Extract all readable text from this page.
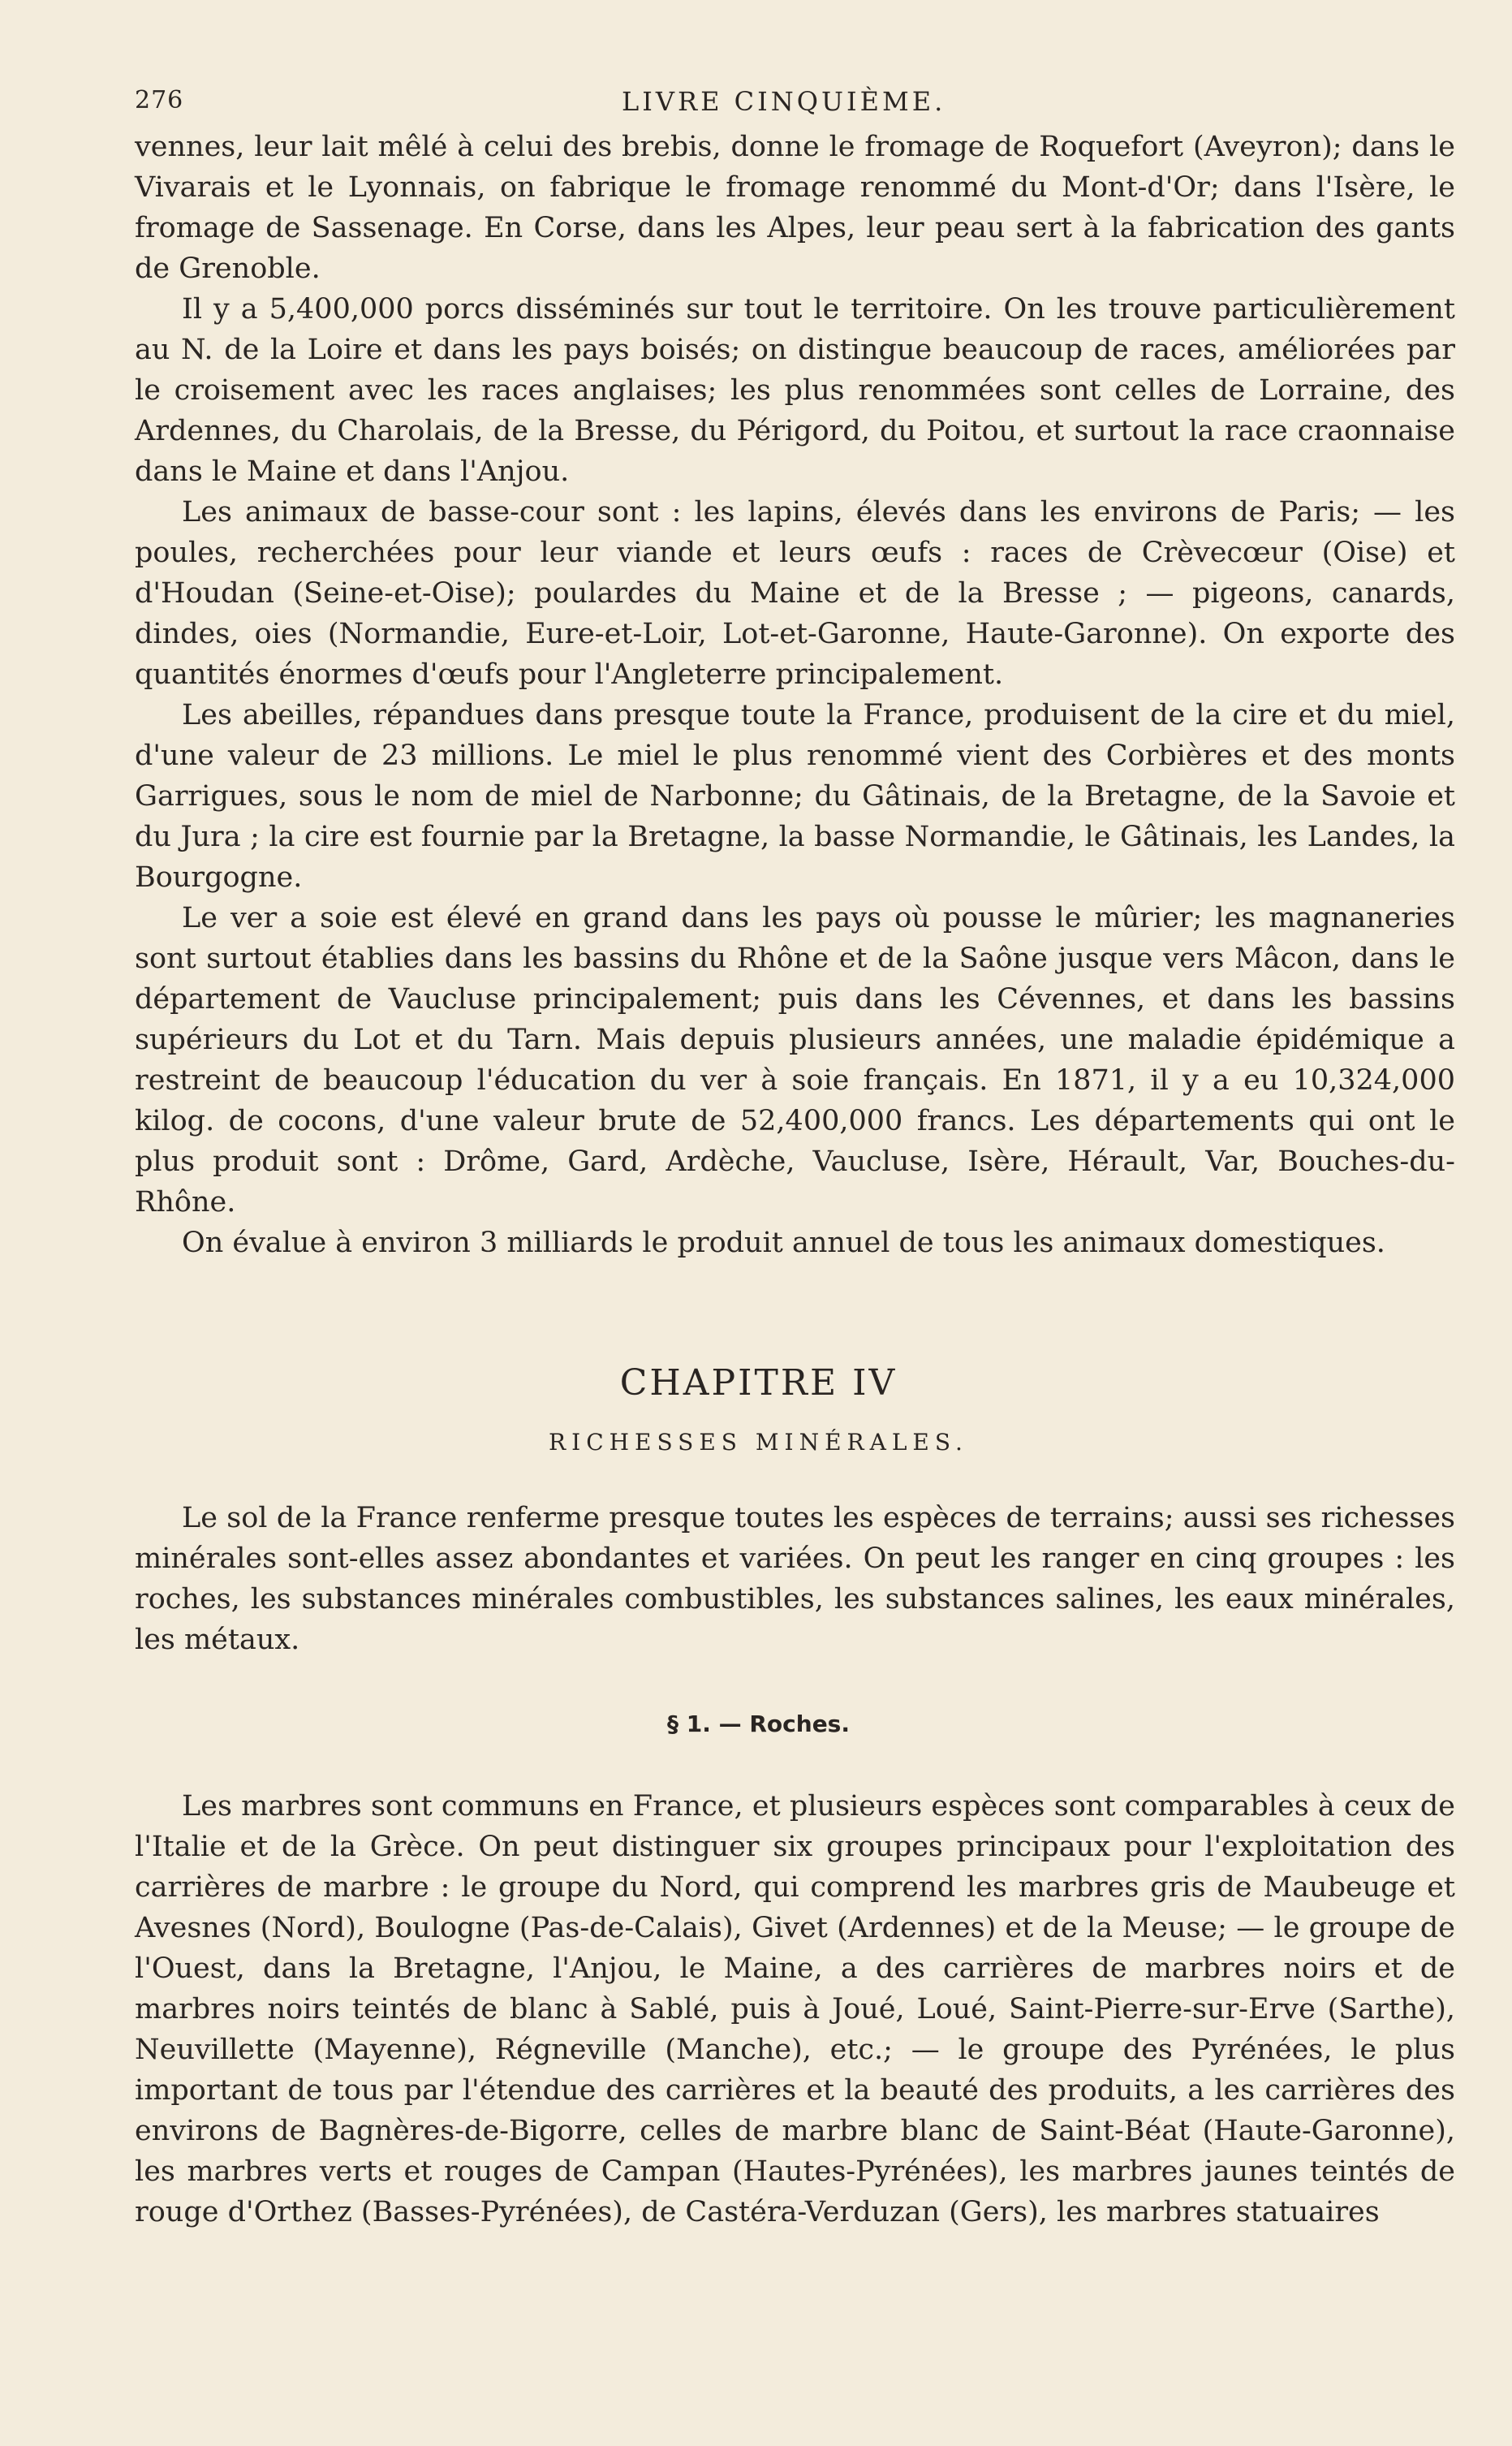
276	LIVRE CINQUIÈME.

vennes, leur lait mêlé à celui des brebis, donne le fromage de Roquefort (Aveyron); dans le Vivarais et le Lyonnais, on fabrique le fromage renommé du Mont-d'Or; dans l'Isère, le fromage de Sassenage. En Corse, dans les Alpes, leur peau sert à la fabrication des gants de Grenoble.

Il y a 5,400,000 porcs disséminés sur tout le territoire. On les trouve particulièrement au N. de la Loire et dans les pays boisés; on distingue beaucoup de races, améliorées par le croisement avec les races anglaises; les plus renommées sont celles de Lorraine, des Ardennes, du Charolais, de la Bresse, du Périgord, du Poitou, et surtout la race craonnaise dans le Maine et dans l'Anjou.

Les animaux de basse-cour sont : les lapins, élevés dans les environs de Paris; — les poules, recherchées pour leur viande et leurs œufs : races de Crèvecœur (Oise) et d'Houdan (Seine-et-Oise); poulardes du Maine et de la Bresse ; — pigeons, canards, dindes, oies (Normandie, Eure-et-Loir, Lot-et-Garonne, Haute-Garonne). On exporte des quantités énormes d'œufs pour l'Angleterre principalement.

Les abeilles, répandues dans presque toute la France, produisent de la cire et du miel, d'une valeur de 23 millions. Le miel le plus renommé vient des Corbières et des monts Garrigues, sous le nom de miel de Narbonne; du Gâtinais, de la Bretagne, de la Savoie et du Jura ; la cire est fournie par la Bretagne, la basse Normandie, le Gâtinais, les Landes, la Bourgogne.

Le ver a soie est élevé en grand dans les pays où pousse le mûrier; les magnaneries sont surtout établies dans les bassins du Rhône et de la Saône jusque vers Mâcon, dans le département de Vaucluse principalement; puis dans les Cévennes, et dans les bassins supérieurs du Lot et du Tarn. Mais depuis plusieurs années, une maladie épidémique a restreint de beaucoup l'éducation du ver à soie français. En 1871, il y a eu 10,324,000 kilog. de cocons, d'une valeur brute de 52,400,000 francs. Les départements qui ont le plus produit sont : Drôme, Gard, Ardèche, Vaucluse, Isère, Hérault, Var, Bouches-du-Rhône.

On évalue à environ 3 milliards le produit annuel de tous les animaux domestiques.

CHAPITRE IV
RICHESSES MINÉRALES.

Le sol de la France renferme presque toutes les espèces de terrains; aussi ses richesses minérales sont-elles assez abondantes et variées. On peut les ranger en cinq groupes : les roches, les substances minérales combustibles, les substances salines, les eaux minérales, les métaux.

§ 1. — Roches.

Les marbres sont communs en France, et plusieurs espèces sont comparables à ceux de l'Italie et de la Grèce. On peut distinguer six groupes principaux pour l'exploitation des carrières de marbre : le groupe du Nord, qui comprend les marbres gris de Maubeuge et Avesnes (Nord), Boulogne (Pas-de-Calais), Givet (Ardennes) et de la Meuse; — le groupe de l'Ouest, dans la Bretagne, l'Anjou, le Maine, a des carrières de marbres noirs et de marbres noirs teintés de blanc à Sablé, puis à Joué, Loué, Saint-Pierre-sur-Erve (Sarthe), Neuvillette (Mayenne), Régneville (Manche), etc.; — le groupe des Pyrénées, le plus important de tous par l'étendue des carrières et la beauté des produits, a les carrières des environs de Bagnères-de-Bigorre, celles de marbre blanc de Saint-Béat (Haute-Garonne), les marbres verts et rouges de Campan (Hautes-Pyrénées), les marbres jaunes teintés de rouge d'Orthez (Basses-Pyrénées), de Castéra-Verduzan (Gers), les marbres statuaires
